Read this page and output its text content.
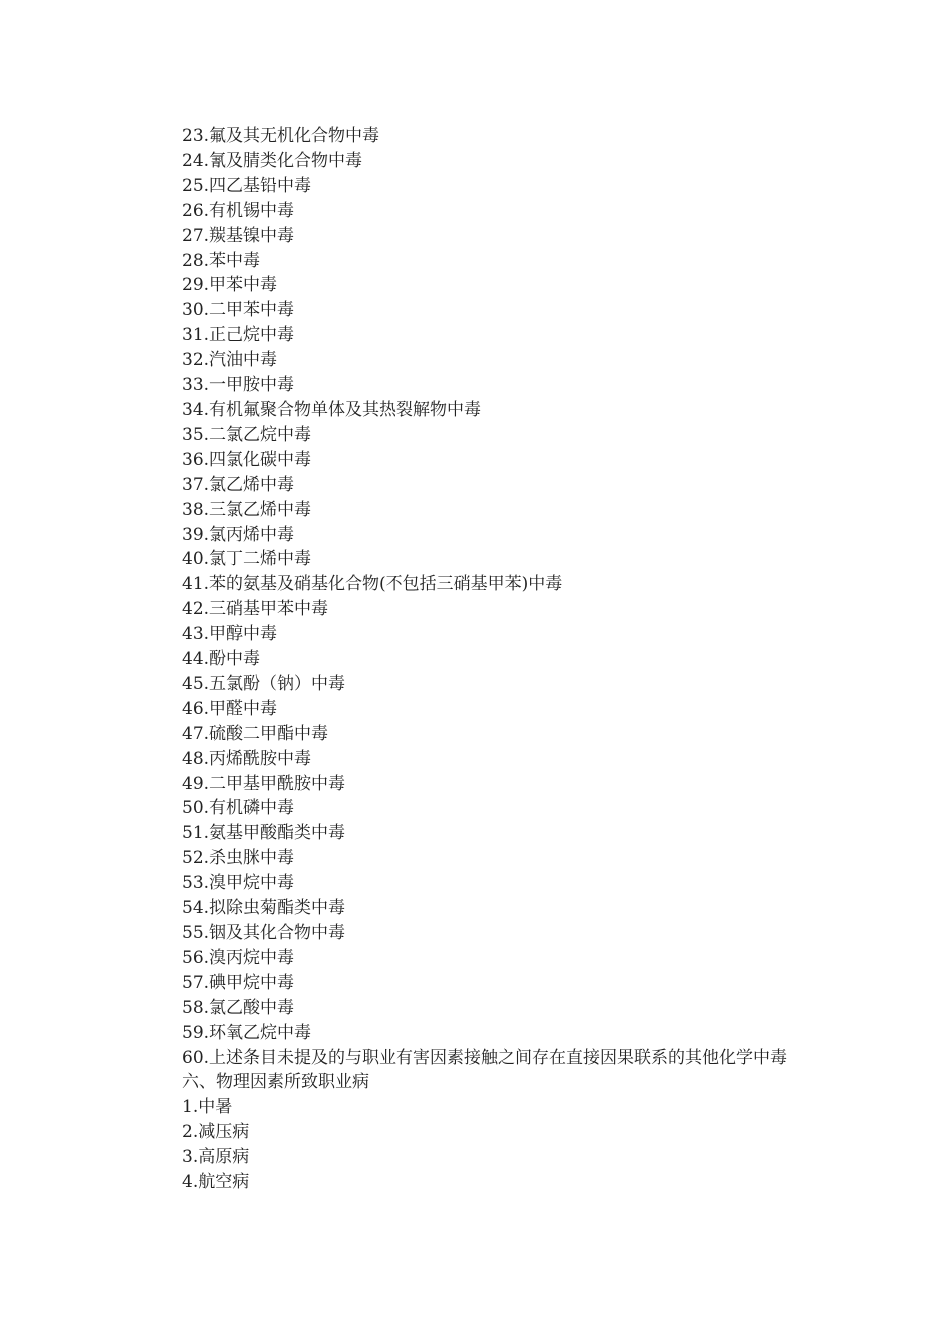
23.氟及其无机化合物中毒

24.氰及腈类化合物中毒

25.四乙基铅中毒

26.有机锡中毒

27.羰基镍中毒

28.苯中毒

29.甲苯中毒

30.二甲苯中毒

31.正己烷中毒

32.汽油中毒

33.一甲胺中毒

34.有机氟聚合物单体及其热裂解物中毒

35.二氯乙烷中毒

36.四氯化碳中毒

37.氯乙烯中毒

38.三氯乙烯中毒

39.氯丙烯中毒

40.氯丁二烯中毒

41.苯的氨基及硝基化合物(不包括三硝基甲苯)中毒

42.三硝基甲苯中毒

43.甲醇中毒

44.酚中毒

45.五氯酚（钠）中毒

46.甲醛中毒

47.硫酸二甲酯中毒

48.丙烯酰胺中毒

49.二甲基甲酰胺中毒

50.有机磷中毒

51.氨基甲酸酯类中毒

52.杀虫脒中毒

53.溴甲烷中毒

54.拟除虫菊酯类中毒

55.铟及其化合物中毒

56.溴丙烷中毒

57.碘甲烷中毒

58.氯乙酸中毒

59.环氧乙烷中毒

60.上述条目未提及的与职业有害因素接触之间存在直接因果联系的其他化学中毒

六、物理因素所致职业病

1.中暑

2.减压病

3.高原病

4.航空病
